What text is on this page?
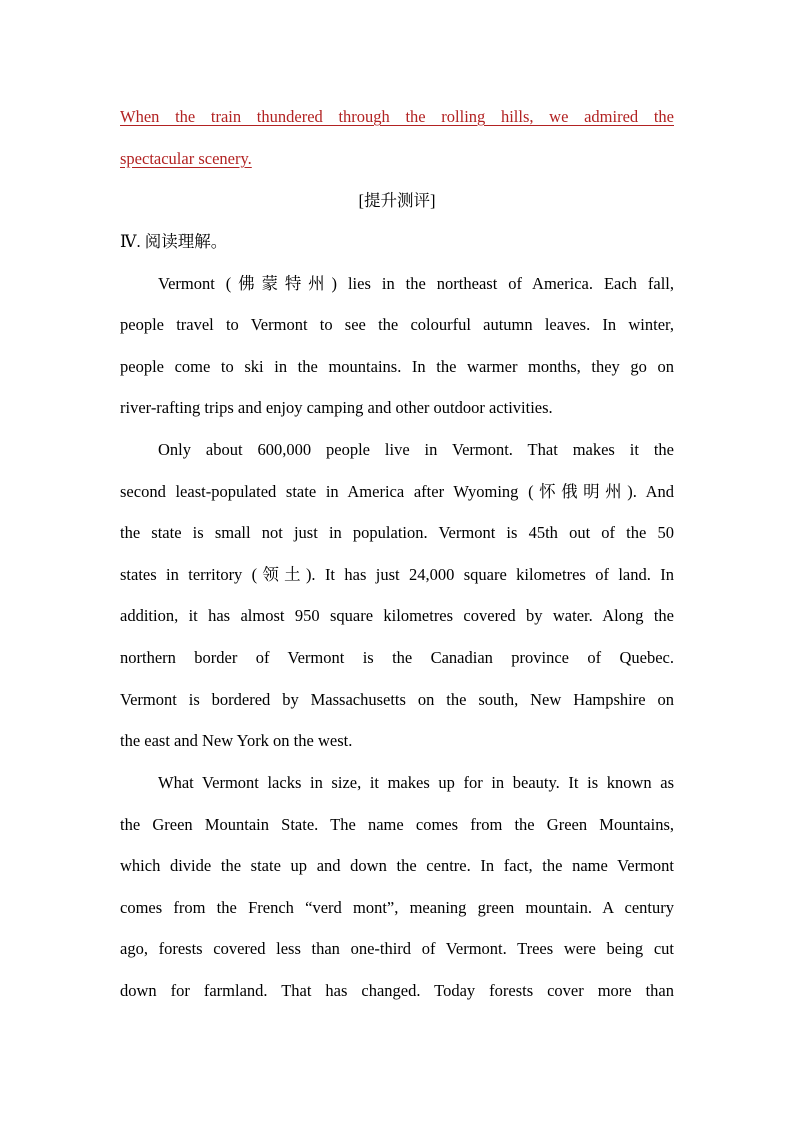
When the train thundered through the rolling hills, we admired the
spectacular scenery.
[提升测评]
Ⅳ. 阅读理解。
Vermont (佛蒙特州) lies in the northeast of America. Each fall,
people travel to Vermont to see the colourful autumn leaves. In winter,
people come to ski in the mountains. In the warmer months, they go on
river-rafting trips and enjoy camping and other outdoor activities.
Only about 600,000 people live in Vermont. That makes it the
second least-populated state in America after Wyoming (怀俄明州). And
the state is small not just in population. Vermont is 45th out of the 50
states in territory (领土). It has just 24,000 square kilometres of land. In
addition, it has almost 950 square kilometres covered by water. Along the
northern border of Vermont is the Canadian province of Quebec.
Vermont is bordered by Massachusetts on the south, New Hampshire on
the east and New York on the west.
What Vermont lacks in size, it makes up for in beauty. It is known as
the Green Mountain State. The name comes from the Green Mountains,
which divide the state up and down the centre. In fact, the name Vermont
comes from the French “verd mont”, meaning green mountain. A century
ago, forests covered less than one-third of Vermont. Trees were being cut
down for farmland. That has changed. Today forests cover more than
